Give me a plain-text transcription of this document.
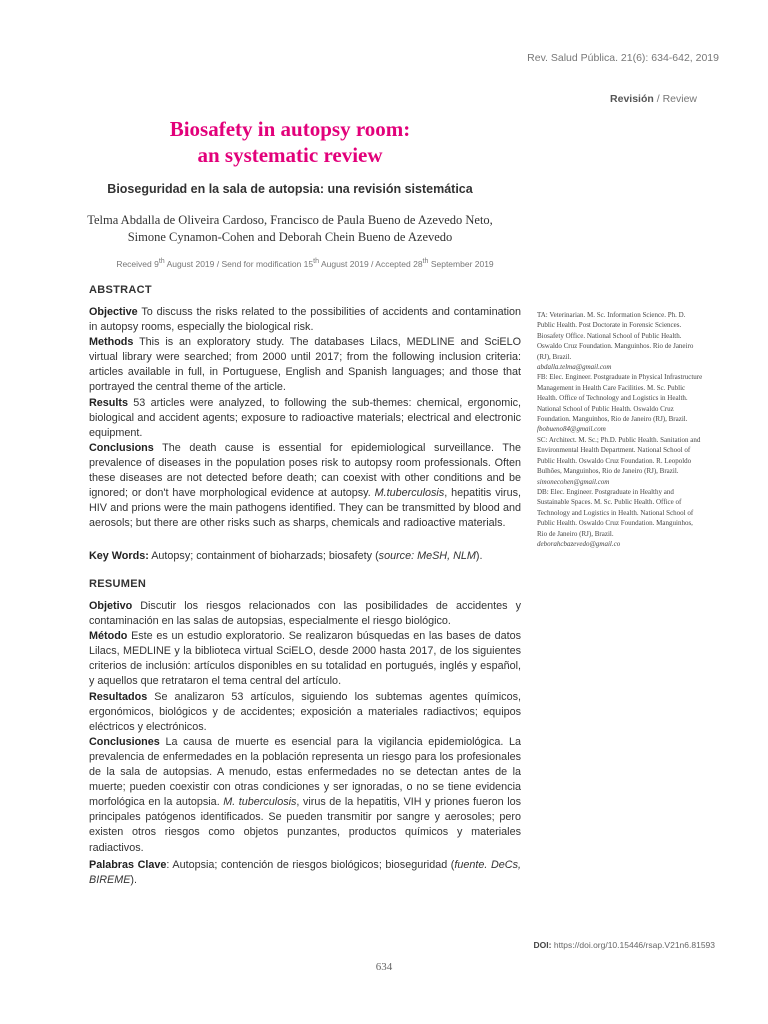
Rev. Salud Pública. 21(6): 634-642, 2019
Revisión / Review
Biosafety in autopsy room:
an systematic review
Bioseguridad en la sala de autopsia: una revisión sistemática
Telma Abdalla de Oliveira Cardoso, Francisco de Paula Bueno de Azevedo Neto,
Simone Cynamon-Cohen and Deborah Chein Bueno de Azevedo
Received 9th August 2019 / Send for modification 15th August 2019 / Accepted 28th September 2019
ABSTRACT

Objective To discuss the risks related to the possibilities of accidents and contamination in autopsy rooms, especially the biological risk.

Methods This is an exploratory study. The databases Lilacs, MEDLINE and SciELO virtual library were searched; from 2000 until 2017; from the following inclusion criteria: articles available in full, in Portuguese, English and Spanish languages; and those that portrayed the central theme of the article.

Results 53 articles were analyzed, to following the sub-themes: chemical, ergonomic, biological and accident agents; exposure to radioactive materials; electrical and electronic equipment.

Conclusions The death cause is essential for epidemiological surveillance. The prevalence of diseases in the population poses risk to autopsy room professionals. Often these diseases are not detected before death; can coexist with other conditions and be ignored; or don't have morphological evidence at autopsy. M.tuberculosis, hepatitis virus, HIV and prions were the main pathogens identified. They can be transmitted by blood and aerosols; but there are other risks such as sharps, chemicals and radioactive materials.

Key Words: Autopsy; containment of bioharzads; biosafety (source: MeSH, NLM).
RESUMEN

Objetivo Discutir los riesgos relacionados con las posibilidades de accidentes y contaminación en las salas de autopsias, especialmente el riesgo biológico.

Método Este es un estudio exploratorio. Se realizaron búsquedas en las bases de datos Lilacs, MEDLINE y la biblioteca virtual SciELO, desde 2000 hasta 2017, de los siguientes criterios de inclusión: artículos disponibles en su totalidad en portugués, inglés y español, y aquellos que retrataron el tema central del artículo.

Resultados Se analizaron 53 artículos, siguiendo los subtemas agentes químicos, ergonómicos, biológicos y de accidentes; exposición a materiales radiactivos; equipos eléctricos y electrónicos.

Conclusiones La causa de muerte es esencial para la vigilancia epidemiológica. La prevalencia de enfermedades en la población representa un riesgo para los profesionales de la sala de autopsias. A menudo, estas enfermedades no se detectan antes de la muerte; pueden coexistir con otras condiciones y ser ignoradas, o no se tiene evidencia morfológica en la autopsia. M. tuberculosis, virus de la hepatitis, VIH y priones fueron los principales patógenos identificados. Se pueden transmitir por sangre y aerosoles; pero existen otros riesgos como objetos punzantes, productos químicos y materiales radiactivos.

Palabras Clave: Autopsia; contención de riesgos biológicos; bioseguridad (fuente. DeCs, BIREME).

TA: Veterinarian. M. Sc. Information Science. Ph. D. Public Health. Post Doctorate in Forensic Sciences. Biosafety Office. National School of Public Health. Oswaldo Cruz Foundation. Manguinhos. Rio de Janeiro (RJ), Brazil.
abdalla.telma@gmail.com

FB: Elec. Engineer. Postgraduate in Physical Infrastructure Management in Health Care Facilities. M. Sc. Public Health. Office of Technology and Logistics in Health. National School of Public Health. Oswaldo Cruz Foundation. Manguinhos, Rio de Janeiro (RJ), Brazil.
fbobueno84@gmail.com

SC: Architect. M. Sc.; Ph.D. Public Health. Sanitation and Environmental Health Department. National School of Public Health. Oswaldo Cruz Foundation. R. Leopoldo Bulhões, Manguinhos, Rio de Janeiro (RJ), Brazil.
simonecohen@gmail.com

DB: Elec. Engineer. Postgraduate in Healthy and Sustainable Spaces. M. Sc. Public Health. Office of Technology and Logistics in Health. National School of Public Health. Oswaldo Cruz Foundation. Manguinhos, Rio de Janeiro (RJ), Brazil.
deborahcbazevedo@gmail.co

DOI: https://doi.org/10.15446/rsap.V21n6.81593
634
